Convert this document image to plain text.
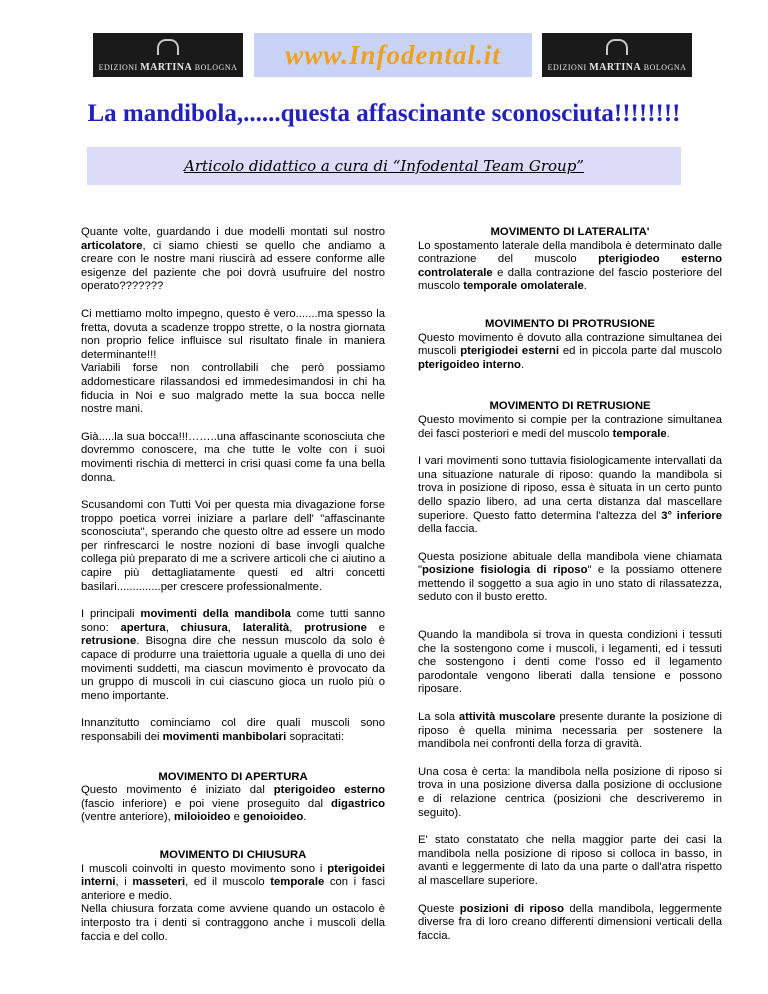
EDIZIONI MARTINA BOLOGNA	www.Infodental.it	EDIZIONI MARTINA BOLOGNA
La mandibola,......questa affascinante sconosciuta!!!!!!!!
Articolo didattico a cura di “Infodental Team Group”

Quante volte, guardando i due modelli montati sul nostro articolatore, ci siamo chiesti se quello che andiamo a creare con le nostre mani riuscirà ad essere conforme alle esigenze del paziente che poi dovrà usufruire del nostro operato???????

Ci mettiamo molto impegno, questo è vero.......ma spesso la fretta, dovuta a scadenze troppo strette, o la nostra giornata non proprio felice influisce sul risultato finale in maniera determinante!!!
Variabili forse non controllabili che però possiamo addomesticare rilassandosi ed immedesimandosi in chi ha fiducia in Noi e suo malgrado mette la sua bocca nelle nostre mani.

Già.....la sua bocca!!!……..una affascinante sconosciuta che dovremmo conoscere, ma che tutte le volte con i suoi movimenti rischia di metterci in crisi quasi come fa una bella donna.

Scusandomi con Tutti Voi per questa mia divagazione forse troppo poetica vorrei iniziare a parlare dell' "affascinante sconosciuta", sperando che questo oltre ad essere un modo per rinfrescarci le nostre nozioni di base invogli qualche collega più preparato di me a scrivere articoli che ci aiutino a capire più dettagliatamente questi ed altri concetti basilari..............per crescere professionalmente.

I principali movimenti della mandibola come tutti sanno sono: apertura, chiusura, lateralità, protrusione e retrusione. Bisogna dire che nessun muscolo da solo è capace di produrre una traiettoria uguale a quella di uno dei movimenti suddetti, ma ciascun movimento è provocato da un gruppo di muscoli in cui ciascuno gioca un ruolo più o meno importante.

Innanzitutto cominciamo col dire quali muscoli sono responsabili dei movimenti manbibolari sopracitati:

MOVIMENTO DI APERTURA

Questo movimento é iniziato dal pterigoideo esterno (fascio inferiore) e poi viene proseguito dal digastrico (ventre anteriore), miloioideo e genoioideo.

MOVIMENTO DI CHIUSURA

I muscoli coinvolti in questo movimento sono i pterigoidei interni, i masseteri, ed il muscolo temporale con i fasci anteriore e medio.
Nella chiusura forzata come avviene quando un ostacolo è interposto tra i denti si contraggono anche i muscoli della faccia e del collo.

MOVIMENTO DI LATERALITA'

Lo spostamento laterale della mandibola è determinato dalle contrazione del muscolo pterigiodeo esterno controlaterale e dalla contrazione del fascio posteriore del muscolo temporale omolaterale.

MOVIMENTO DI PROTRUSIONE

Questo movimento è dovuto alla contrazione simultanea dei muscoli pterigiodei esterni ed in piccola parte dal muscolo pterigoideo interno.

MOVIMENTO DI RETRUSIONE

Questo movimento si compie per la contrazione simultanea dei fasci posteriori e medi del muscolo temporale.

I vari movimenti sono tuttavia fisiologicamente intervallati da una situazione naturale di riposo: quando la mandibola si trova in posizione di riposo, essa è situata in un certo punto dello spazio libero, ad una certa distanza dal mascellare superiore. Questo fatto determina l'altezza del 3° inferiore della faccia.

Questa posizione abituale della mandibola viene chiamata "posizione fisiologia di riposo" e la possiamo ottenere mettendo il soggetto a sua agio in uno stato di rilassatezza, seduto con il busto eretto.

Quando la mandibola si trova in questa condizioni i tessuti che la sostengono come i muscoli, i legamenti, ed i tessuti che sostengono i denti come l'osso ed il legamento parodontale vengono liberati dalla tensione e possono riposare.

La sola attività muscolare presente durante la posizione di riposo è quella minima necessaria per sostenere la mandibola nei confronti della forza di gravità.

Una cosa è certa: la mandibola nella posizione di riposo si trova in una posizione diversa dalla posizione di occlusione e di relazione centrica (posizioni che descriveremo in seguito).

E' stato constatato che nella maggior parte dei casi la mandibola nella posizione di riposo si colloca in basso, in avanti e leggermente di lato da una parte o dall'atra rispetto al mascellare superiore.

Queste posizioni di riposo della mandibola, leggermente diverse fra di loro creano differenti dimensioni verticali della faccia.
